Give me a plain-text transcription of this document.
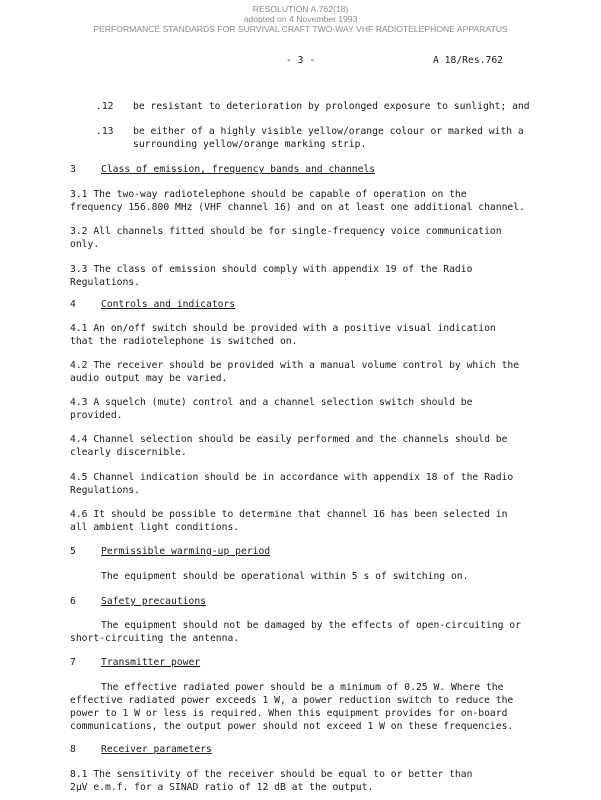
RESOLUTION A.762(18)
adopted on 4 November 1993
PERFORMANCE STANDARDS FOR SURVIVAL CRAFT TWO-WAY VHF RADIOTELEPHONE APPARATUS
- 3 -	A 18/Res.762
.12 be resistant to deterioration by prolonged exposure to sunlight; and
.13 be either of a highly visible yellow/orange colour or marked with a
surrounding yellow/orange marking strip.
3	Class of emission, frequency bands and channels
3.1 The two-way radiotelephone should be capable of operation on the
frequency 156.800 MHz (VHF channel 16) and on at least one additional channel.
3.2 All channels fitted should be for single-frequency voice communication
only.
3.3 The class of emission should comply with appendix 19 of the Radio
Regulations.
4	Controls and indicators
4.1 An on/off switch should be provided with a positive visual indication
that the radiotelephone is switched on.
4.2 The receiver should be provided with a manual volume control by which the
audio output may be varied.
4.3 A squelch (mute) control and a channel selection switch should be
provided.
4.4 Channel selection should be easily performed and the channels should be
clearly discernible.
4.5 Channel indication should be in accordance with appendix 18 of the Radio
Regulations.
4.6 It should be possible to determine that channel 16 has been selected in
all ambient light conditions.
5	Permissible warming-up period
The equipment should be operational within 5 s of switching on.
6	Safety precautions
The equipment should not be damaged by the effects of open-circuiting or
short-circuiting the antenna.
7	Transmitter power
The effective radiated power should be a minimum of 0.25 W. Where the
effective radiated power exceeds 1 W, a power reduction switch to reduce the
power to 1 W or less is required. When this equipment provides for on-board
communications, the output power should not exceed 1 W on these frequencies.
8	Receiver parameters
8.1 The sensitivity of the receiver should be equal to or better than
2μV e.m.f. for a SINAD ratio of 12 dB at the output.
